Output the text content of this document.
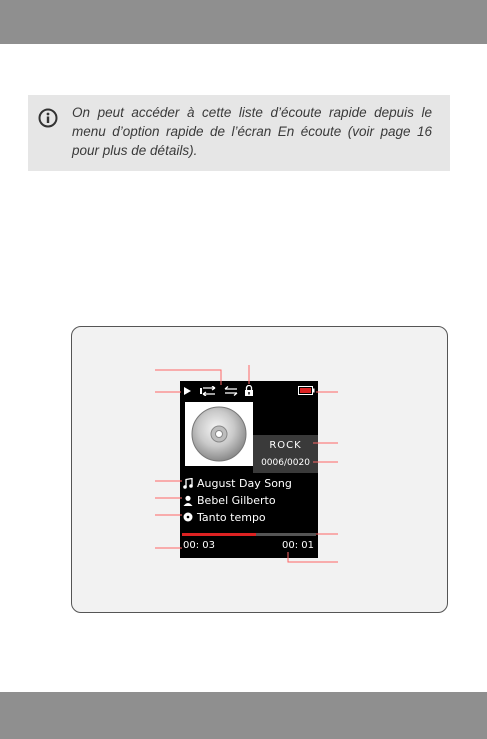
On peut accéder à cette liste d’écoute rapide depuis le menu d’option rapide de l’écran En écoute (voir page 16 pour plus de détails).
ROCK
0006/0020
August Day Song
Bebel Gilberto
Tanto tempo
00: 03	00: 01
